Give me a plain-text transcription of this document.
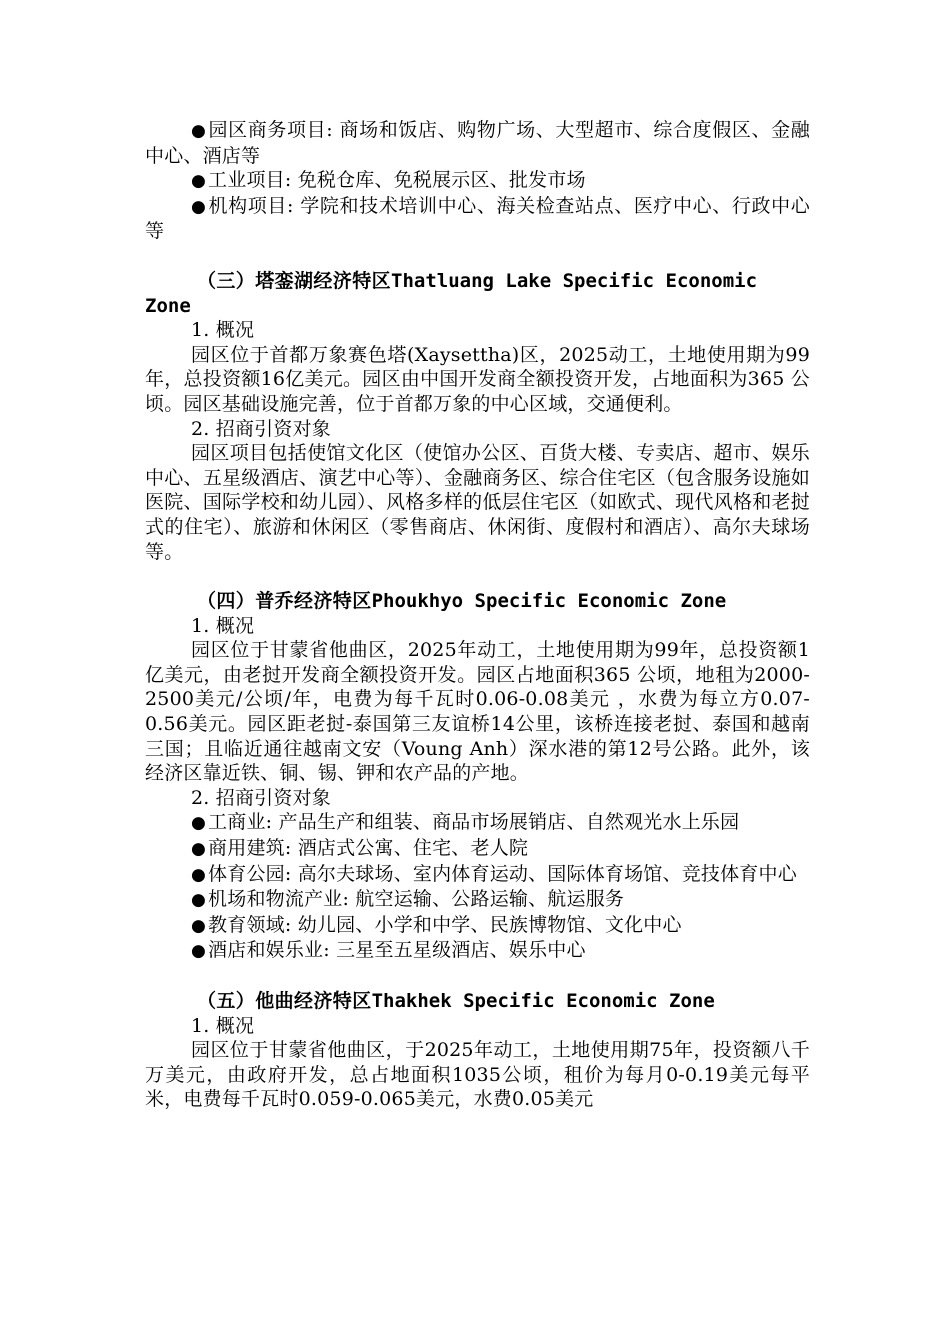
● 园区商务项目: 商场和饭店、购物广场、大型超市、综合度假区、金融中心、酒店等

● 工业项目: 免税仓库、免税展示区、批发市场

● 机构项目: 学院和技术培训中心、海关检查站点、医疗中心、行政中心等

（三）塔銮湖经济特区Thatluang Lake Specific Economic Zone

1. 概况

园区位于首都万象赛色塔(Xaysettha)区，2025动工，土地使用期为99年，总投资额16亿美元。园区由中国开发商全额投资开发，占地面积为365 公顷。园区基础设施完善，位于首都万象的中心区域，交通便利。

2. 招商引资对象

园区项目包括使馆文化区（使馆办公区、百货大楼、专卖店、超市、娱乐中心、五星级酒店、演艺中心等）、金融商务区、综合住宅区（包含服务设施如医院、国际学校和幼儿园）、风格多样的低层住宅区（如欧式、现代风格和老挝式的住宅）、旅游和休闲区（零售商店、休闲街、度假村和酒店）、高尔夫球场等。

（四）普乔经济特区Phoukhyo Specific Economic Zone

1. 概况

园区位于甘蒙省他曲区，2025年动工，土地使用期为99年，总投资额1亿美元，由老挝开发商全额投资开发。园区占地面积365 公顷，地租为2000-2500美元/公顷/年，电费为每千瓦时0.06-0.08美元 ，水费为每立方0.07-0.56美元。园区距老挝-泰国第三友谊桥14公里，该桥连接老挝、泰国和越南三国；且临近通往越南文安（Voung Anh）深水港的第12号公路。此外，该经济区靠近铁、铜、锡、钾和农产品的产地。

2. 招商引资对象

● 工商业: 产品生产和组装、商品市场展销店、自然观光水上乐园

● 商用建筑: 酒店式公寓、住宅、老人院

● 体育公园: 高尔夫球场、室内体育运动、国际体育场馆、竞技体育中心

● 机场和物流产业: 航空运输、公路运输、航运服务

● 教育领域: 幼儿园、小学和中学、民族博物馆、文化中心

● 酒店和娱乐业: 三星至五星级酒店、娱乐中心

（五）他曲经济特区Thakhek Specific Economic Zone

1. 概况

园区位于甘蒙省他曲区，于2025年动工，土地使用期75年，投资额八千万美元，由政府开发，总占地面积1035公顷，租价为每月0-0.19美元每平米，电费每千瓦时0.059-0.065美元，水费0.05美元
